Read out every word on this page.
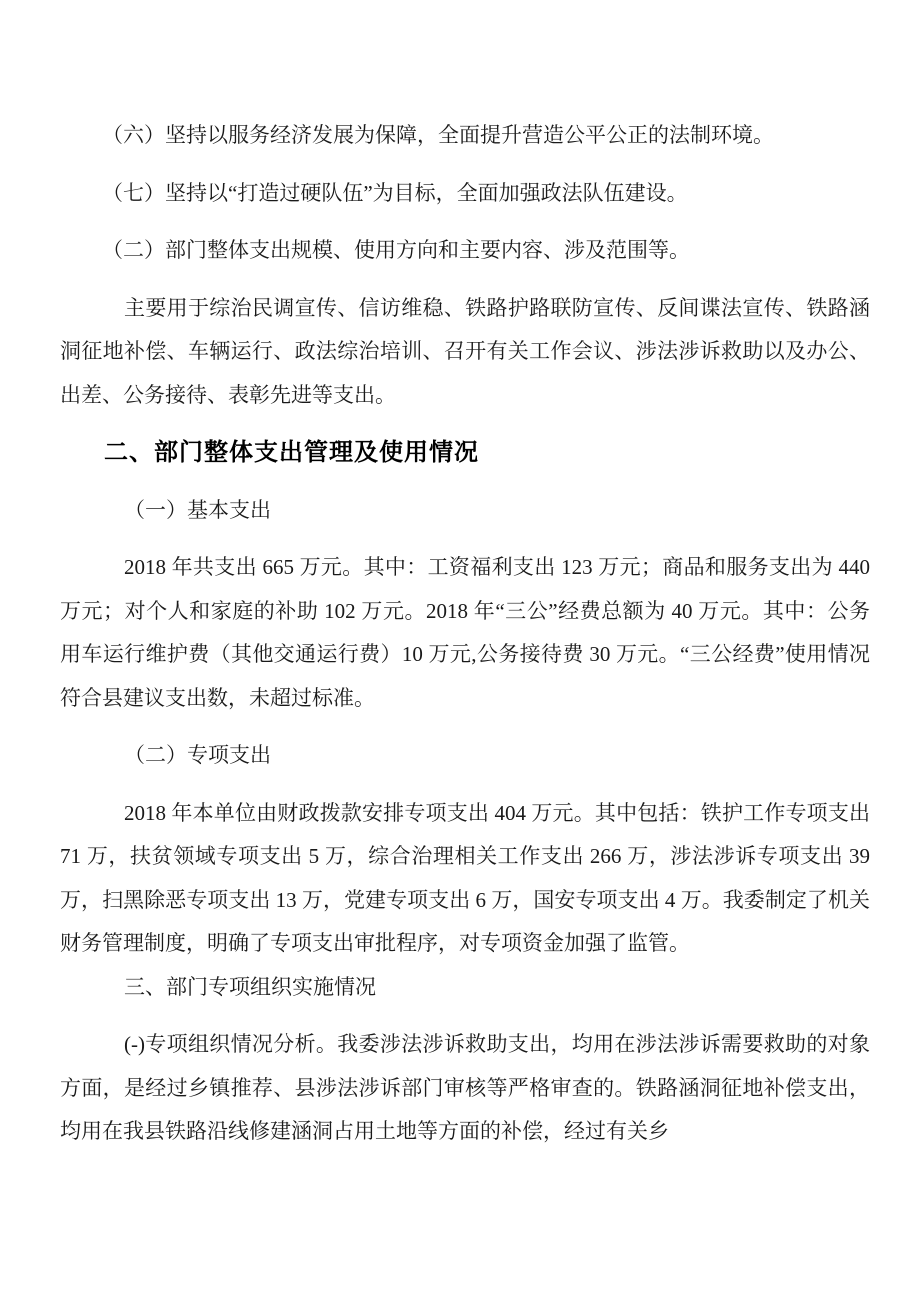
（六）坚持以服务经济发展为保障，全面提升营造公平公正的法制环境。

（七）坚持以“打造过硬队伍”为目标，全面加强政法队伍建设。

（二）部门整体支出规模、使用方向和主要内容、涉及范围等。

主要用于综治民调宣传、信访维稳、铁路护路联防宣传、反间谍法宣传、铁路涵洞征地补偿、车辆运行、政法综治培训、召开有关工作会议、涉法涉诉救助以及办公、出差、公务接待、表彰先进等支出。

二、部门整体支出管理及使用情况

（一）基本支出

2018 年共支出 665 万元。其中：工资福利支出 123 万元；商品和服务支出为 440 万元；对个人和家庭的补助 102 万元。2018 年“三公”经费总额为 40 万元。其中：公务用车运行维护费（其他交通运行费）10 万元,公务接待费 30 万元。“三公经费”使用情况符合县建议支出数，未超过标准。

（二）专项支出

2018 年本单位由财政拨款安排专项支出 404 万元。其中包括：铁护工作专项支出 71 万，扶贫领域专项支出 5 万，综合治理相关工作支出 266 万，涉法涉诉专项支出 39 万，扫黑除恶专项支出 13 万，党建专项支出 6 万，国安专项支出 4 万。我委制定了机关财务管理制度，明确了专项支出审批程序，对专项资金加强了监管。

三、部门专项组织实施情况

(-)专项组织情况分析。我委涉法涉诉救助支出，均用在涉法涉诉需要救助的对象方面，是经过乡镇推荐、县涉法涉诉部门审核等严格审查的。铁路涵洞征地补偿支出，均用在我县铁路沿线修建涵洞占用土地等方面的补偿，经过有关乡
